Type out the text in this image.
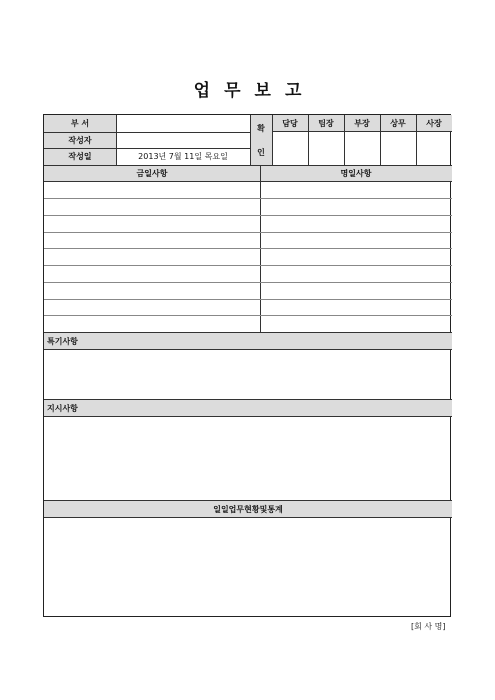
업 무 보 고
부 서
작성자
작성일	2013년 7월 11일 목요일
확
인
담당	팀장	부장	상무	사장
금일사항	명일사항
특기사항
지시사항
일일업무현황및통계
[회 사 명]
